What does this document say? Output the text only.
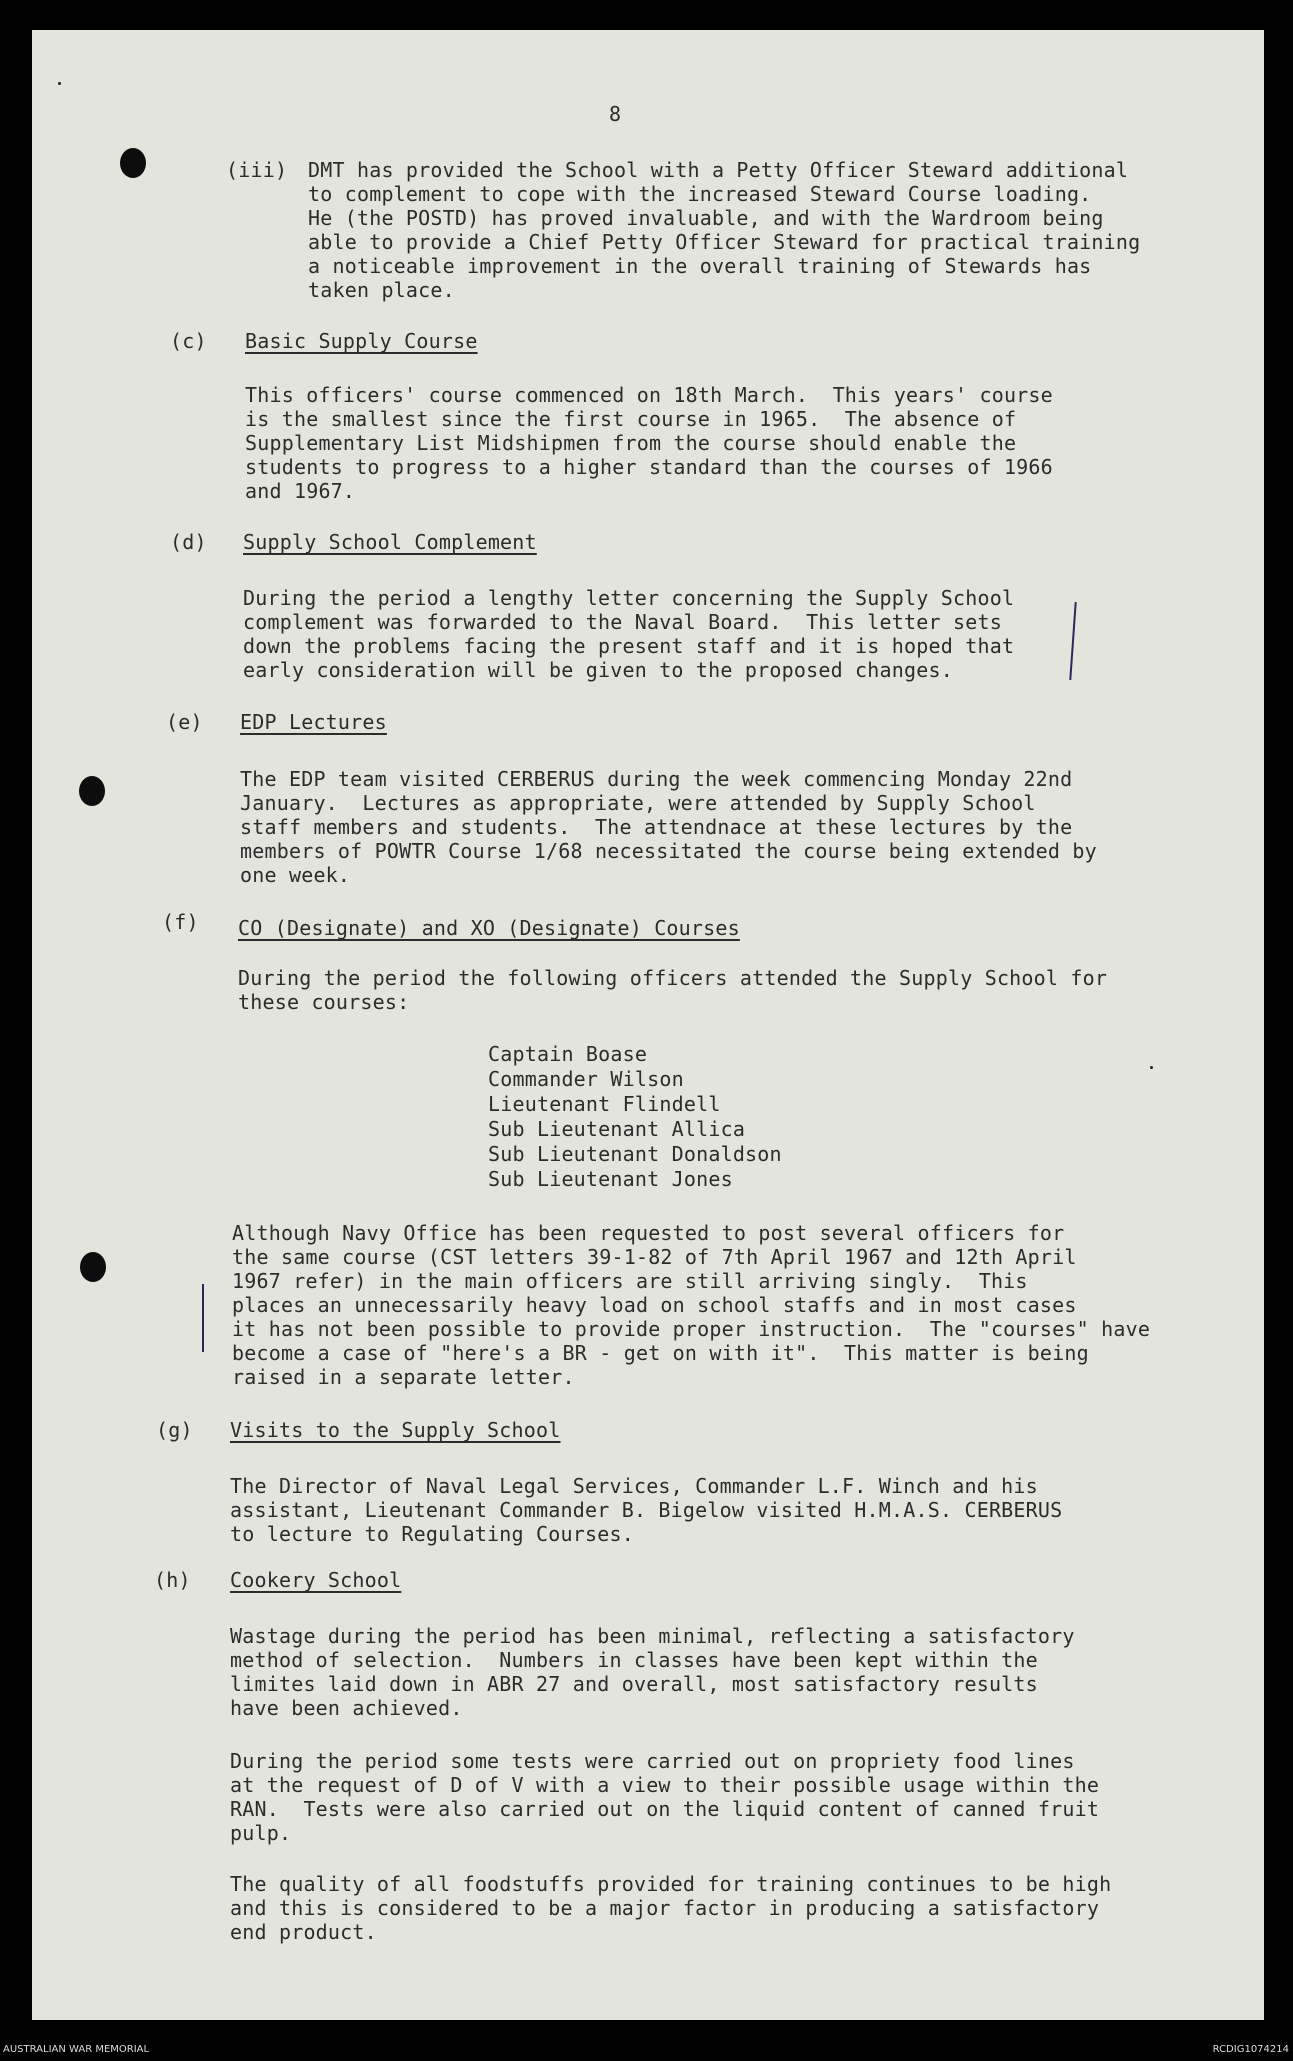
8
(iii) DMT has provided the School with a Petty Officer Steward additional
to complement to cope with the increased Steward Course loading.
He (the POSTD) has proved invaluable, and with the Wardroom being
able to provide a Chief Petty Officer Steward for practical training
a noticeable improvement in the overall training of Stewards has
taken place.
(c) Basic Supply Course
This officers' course commenced on 18th March.  This years' course
is the smallest since the first course in 1965.  The absence of
Supplementary List Midshipmen from the course should enable the
students to progress to a higher standard than the courses of 1966
and 1967.
(d) Supply School Complement
During the period a lengthy letter concerning the Supply School
complement was forwarded to the Naval Board.  This letter sets
down the problems facing the present staff and it is hoped that
early consideration will be given to the proposed changes.
(e) EDP Lectures
The EDP team visited CERBERUS during the week commencing Monday 22nd
January.  Lectures as appropriate, were attended by Supply School
staff members and students.  The attendnace at these lectures by the
members of POWTR Course 1/68 necessitated the course being extended by
one week.
(f) CO (Designate) and XO (Designate) Courses
During the period the following officers attended the Supply School for
these courses:
Captain Boase
Commander Wilson
Lieutenant Flindell
Sub Lieutenant Allica
Sub Lieutenant Donaldson
Sub Lieutenant Jones
Although Navy Office has been requested to post several officers for
the same course (CST letters 39-1-82 of 7th April 1967 and 12th April
1967 refer) in the main officers are still arriving singly.  This
places an unnecessarily heavy load on school staffs and in most cases
it has not been possible to provide proper instruction.  The "courses" have
become a case of "here's a BR - get on with it".  This matter is being
raised in a separate letter.
(g) Visits to the Supply School
The Director of Naval Legal Services, Commander L.F. Winch and his
assistant, Lieutenant Commander B. Bigelow visited H.M.A.S. CERBERUS
to lecture to Regulating Courses.
(h) Cookery School
Wastage during the period has been minimal, reflecting a satisfactory
method of selection.  Numbers in classes have been kept within the
limites laid down in ABR 27 and overall, most satisfactory results
have been achieved.
During the period some tests were carried out on propriety food lines
at the request of D of V with a view to their possible usage within the
RAN.  Tests were also carried out on the liquid content of canned fruit
pulp.
The quality of all foodstuffs provided for training continues to be high
and this is considered to be a major factor in producing a satisfactory
end product.
AUSTRALIAN WAR MEMORIAL	RCDIG1074214
